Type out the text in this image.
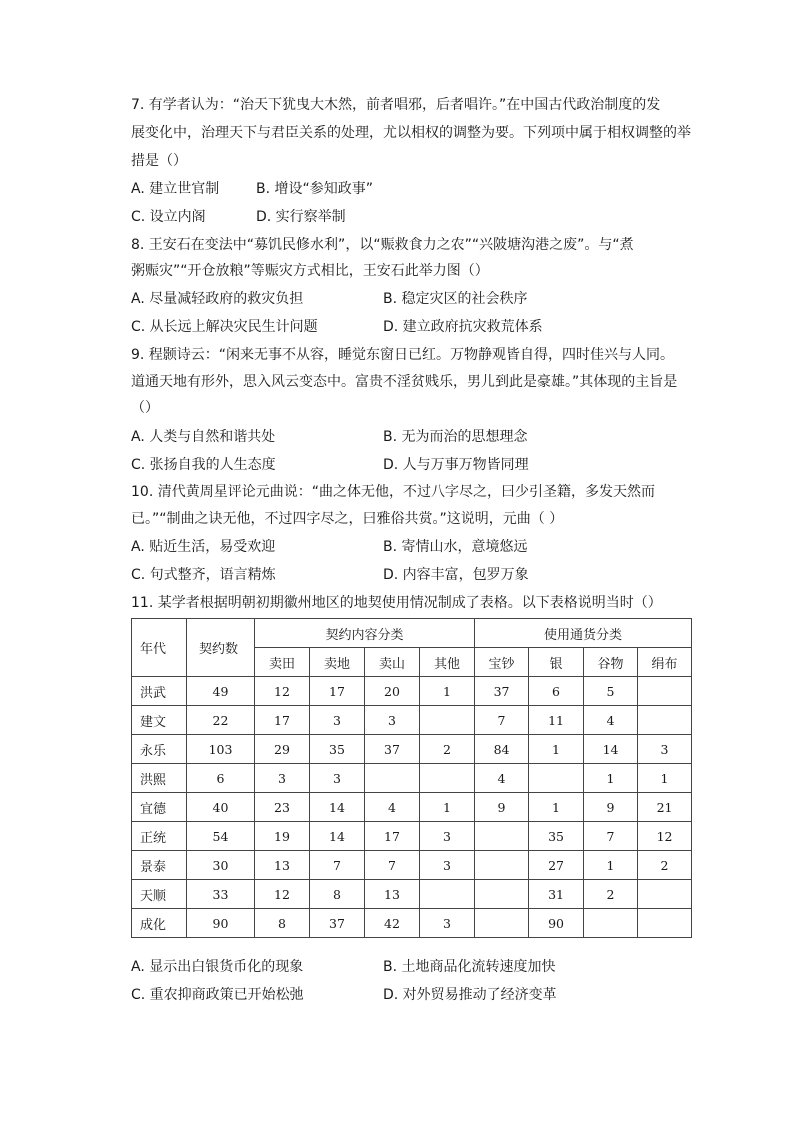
7. 有学者认为：“治天下犹曳大木然，前者唱邪，后者唱许。”在中国古代政治制度的发
展变化中，治理天下与君臣关系的处理，尤以相权的调整为要。下列项中属于相权调整的举
措是（）
A. 建立世官制	B. 增设“参知政事”
C. 设立内阁	D. 实行察举制
8. 王安石在变法中“募饥民修水利”，以“赈救食力之农”“兴陂塘沟港之废”。与“煮
粥赈灾”“开仓放粮”等赈灾方式相比，王安石此举力图（）
A. 尽量减轻政府的救灾负担	B. 稳定灾区的社会秩序
C. 从长远上解决灾民生计问题	D. 建立政府抗灾救荒体系
9. 程颢诗云：“闲来无事不从容，睡觉东窗日已红。万物静观皆自得，四时佳兴与人同。
道通天地有形外，思入风云变态中。富贵不淫贫贱乐，男儿到此是豪雄。”其体现的主旨是
（）
A. 人类与自然和谐共处	B. 无为而治的思想理念
C. 张扬自我的人生态度	D. 人与万事万物皆同理
10. 清代黄周星评论元曲说：“曲之体无他，不过八字尽之，曰少引圣籍，多发天然而
已。”“制曲之诀无他，不过四字尽之，曰雅俗共赏。”这说明，元曲（ ）
A. 贴近生活，易受欢迎	B. 寄情山水，意境悠远
C. 句式整齐，语言精炼	D. 内容丰富，包罗万象
11. 某学者根据明朝初期徽州地区的地契使用情况制成了表格。以下表格说明当时（）
年代	契约数	契约内容分类				使用通货分类			
		卖田	卖地	卖山	其他	宝钞	银	谷物	绢布
洪武	49	12	17	20	1	37	6	5	
建文	22	17	3	3		7	11	4	
永乐	103	29	35	37	2	84	1	14	3
洪熙	6	3	3			4		1	1
宜德	40	23	14	4	1	9	1	9	21
正统	54	19	14	17	3		35	7	12
景泰	30	13	7	7	3		27	1	2
天顺	33	12	8	13			31	2	
成化	90	8	37	42	3		90		
A. 显示出白银货币化的现象	B. 土地商品化流转速度加快
C. 重农抑商政策已开始松弛	D. 对外贸易推动了经济变革
